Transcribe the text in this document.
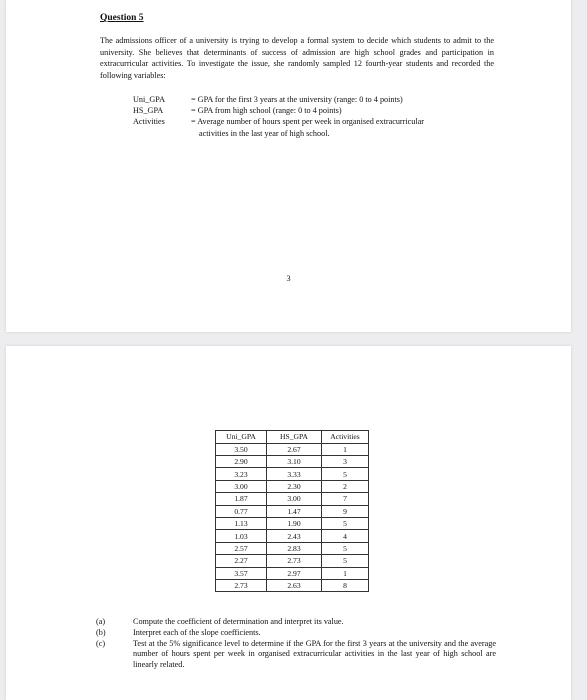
Question 5

The admissions officer of a university is trying to develop a formal system to decide which students to admit to the university. She believes that determinants of success of admission are high school grades and participation in extracurricular activities. To investigate the issue, she randomly sampled 12 fourth-year students and recorded the following variables:

Uni_GPA	= GPA for the first 3 years at the university (range: 0 to 4 points)
HS_GPA	= GPA from high school (range: 0 to 4 points)
Activities	= Average number of hours spent per week in organised extracurricular
activities in the last year of high school.
3
Uni_GPA	HS_GPA	Activities
3.50	2.67	1
2.90	3.10	3
3.23	3.33	5
3.00	2.30	2
1.87	3.00	7
0.77	1.47	9
1.13	1.90	5
1.03	2.43	4
2.57	2.83	5
2.27	2.73	5
3.57	2.97	1
2.73	2.63	8
(a)	Compute the coefficient of determination and interpret its value.
(b)	Interpret each of the slope coefficients.
(c)	Test at the 5% significance level to determine if the GPA for the first 3 years at the university and the average number of hours spent per week in organised extracurricular activities in the last year of high school are linearly related.
